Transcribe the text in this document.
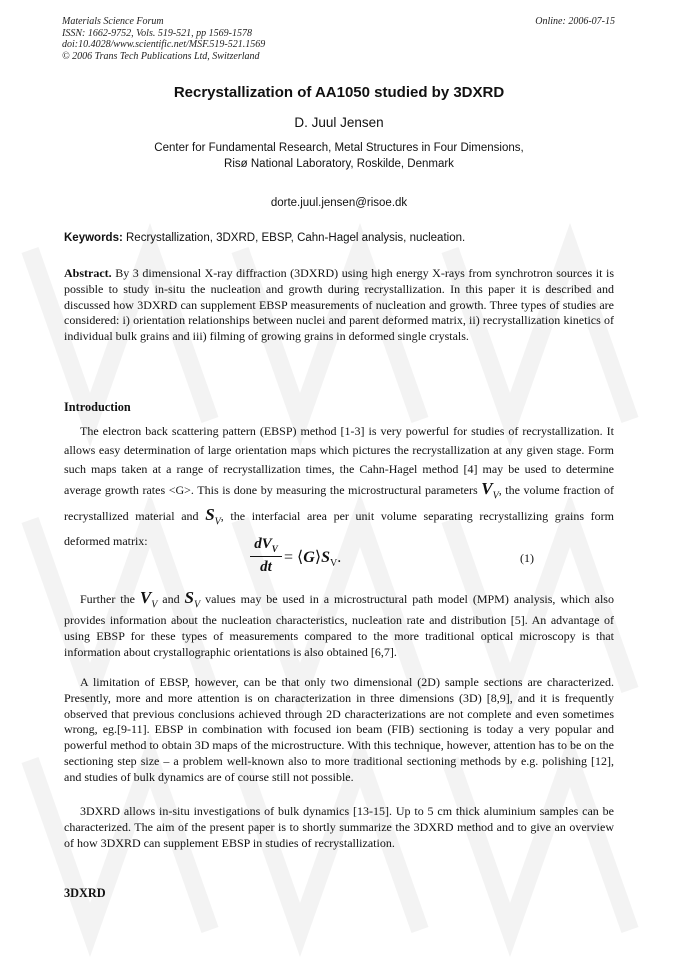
Materials Science Forum
ISSN: 1662-9752, Vols. 519-521, pp 1569-1578
doi:10.4028/www.scientific.net/MSF.519-521.1569
© 2006 Trans Tech Publications Ltd, Switzerland
Online: 2006-07-15
Recrystallization of AA1050 studied by 3DXRD
D. Juul Jensen
Center for Fundamental Research, Metal Structures in Four Dimensions,
Risø National Laboratory, Roskilde, Denmark
dorte.juul.jensen@risoe.dk
Keywords: Recrystallization, 3DXRD, EBSP, Cahn-Hagel analysis, nucleation.
Abstract. By 3 dimensional X-ray diffraction (3DXRD) using high energy X-rays from synchrotron sources it is possible to study in-situ the nucleation and growth during recrystallization. In this paper it is described and discussed how 3DXRD can supplement EBSP measurements of nucleation and growth. Three types of studies are considered: i) orientation relationships between nuclei and parent deformed matrix, ii) recrystallization kinetics of individual bulk grains and iii) filming of growing grains in deformed single crystals.
Introduction
The electron back scattering pattern (EBSP) method [1-3] is very powerful for studies of recrystallization. It allows easy determination of large orientation maps which pictures the recrystallization at any given stage. Form such maps taken at a range of recrystallization times, the Cahn-Hagel method [4] may be used to determine average growth rates <G>. This is done by measuring the microstructural parameters $V_V$, the volume fraction of recrystallized material and $S_V$, the interfacial area per unit volume separating recrystallizing grains form deformed matrix:	$dV_V$
dt
= $⟨G⟩S_V$.	(1)
Further the $V_V$ and $S_V$ values may be used in a microstructural path model (MPM) analysis, which also provides information about the nucleation characteristics, nucleation rate and distribution [5]. An advantage of using EBSP for these types of measurements compared to the more traditional optical microscopy is that information about crystallographic orientations is also obtained [6,7].
A limitation of EBSP, however, can be that only two dimensional (2D) sample sections are characterized. Presently, more and more attention is on characterization in three dimensions (3D) [8,9], and it is frequently observed that previous conclusions achieved through 2D characterizations are not complete and even sometimes wrong, eg.[9-11]. EBSP in combination with focused ion beam (FIB) sectioning is today a very popular and powerful method to obtain 3D maps of the microstructure. With this technique, however, attention has to be on the sectioning step size – a problem well-known also to more traditional sectioning methods by e.g. polishing [12], and studies of bulk dynamics are of course still not possible.
3DXRD allows in-situ investigations of bulk dynamics [13-15]. Up to 5 cm thick aluminium samples can be characterized. The aim of the present paper is to shortly summarize the 3DXRD method and to give an overview of how 3DXRD can supplement EBSP in studies of recrystallization.
3DXRD
